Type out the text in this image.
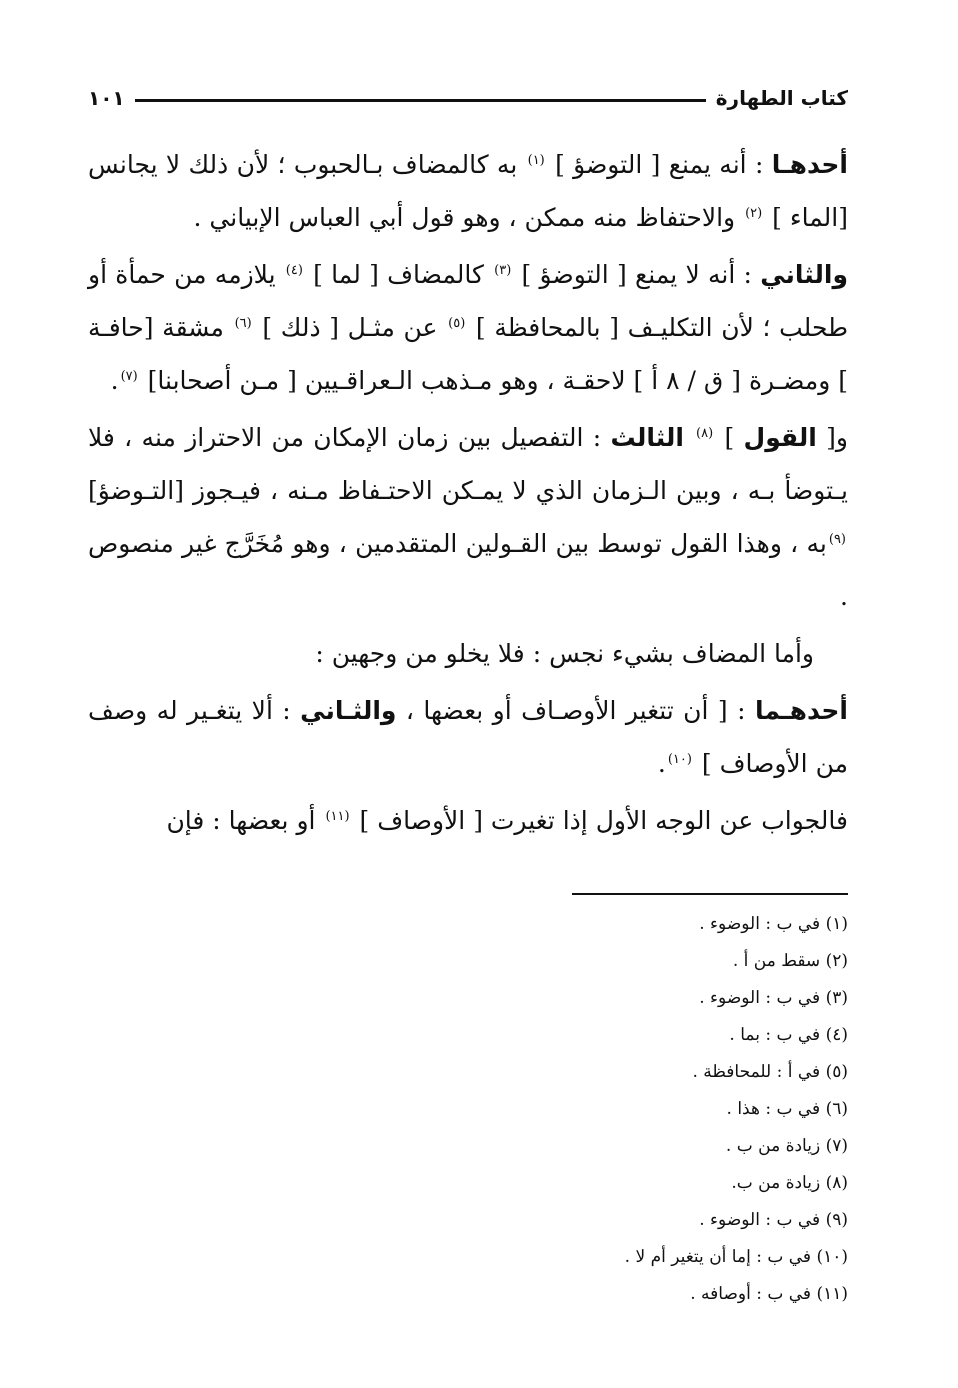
كتاب الطهارة
١٠١

أحدهـا : أنه يمنع [ التوضؤ ] $^{(١)}$ به كالمضاف بـالحبوب ؛ لأن ذلك لا يجانس [الماء ] $^{(٢)}$ والاحتفاظ منه ممكن ، وهو قول أبي العباس الإبياني .

والثاني : أنه لا يمنع [ التوضؤ ] $^{(٣)}$ كالمضاف [ لما ] $^{(٤)}$ يلازمه من حمأة أو طحلب ؛ لأن التكليـف [ بالمحافظة ] $^{(٥)}$ عن مثـل [ ذلك ] $^{(٦)}$ مشقة [حافـة ] ومضـرة [ ق / ٨ أ ] لاحقـة ، وهو مـذهب الـعراقـيين [ مـن أصحابنا] $^{(٧)}$.

و[ القول ] $^{(٨)}$ الثالث : التفصيل بين زمان الإمكان من الاحتراز منه ، فلا يـتوضأ بـه ، وبين الـزمان الذي لا يمـكن الاحتـفاظ مـنه ، فيـجوز [التـوضؤ] $^{(٩)}$به ، وهذا القول توسط بين القـولين المتقدمين ، وهو مُخَرَّج غير منصوص .

وأما المضاف بشيء نجس : فلا يخلو من وجهين :

أحدهـما : [ أن تتغير الأوصـاف أو بعضها ، والثـاني : ألا يتغـير له وصف من الأوصاف ] $^{(١٠)}$.

فالجواب عن الوجه الأول إذا تغيرت [ الأوصاف ] $^{(١١)}$ أو بعضها : فإن

(١) في ب : الوضوء .
(٢) سقط من أ .
(٣) في ب : الوضوء .
(٤) في ب : بما .
(٥) في أ : للمحافظة .
(٦) في ب : هذا .
(٧) زيادة من ب .
(٨) زيادة من ب.
(٩) في ب : الوضوء .
(١٠) في ب : إما أن يتغير أم لا .
(١١) في ب : أوصافه .
